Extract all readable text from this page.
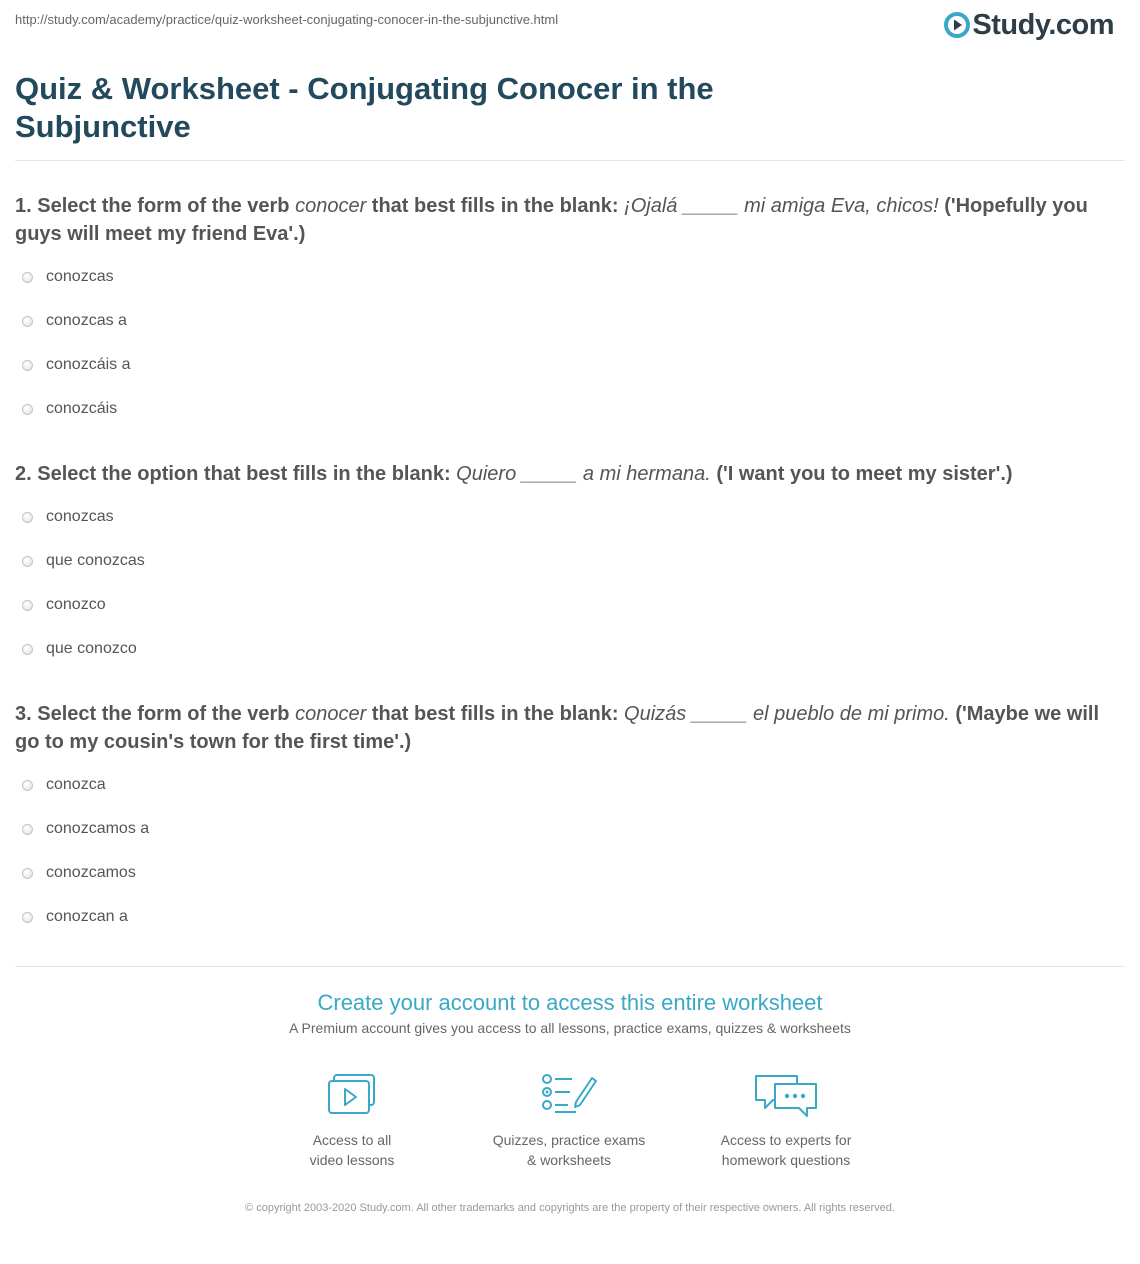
http://study.com/academy/practice/quiz-worksheet-conjugating-conocer-in-the-subjunctive.html	Study.com
Quiz & Worksheet - Conjugating Conocer in the Subjunctive

1. Select the form of the verb conocer that best fills in the blank: ¡Ojalá _____ mi amiga Eva, chicos! ('Hopefully you guys will meet my friend Eva'.)

conozcas
conozcas a
conozcáis a
conozcáis

2. Select the option that best fills in the blank: Quiero _____ a mi hermana. ('I want you to meet my sister'.)

conozcas
que conozcas
conozco
que conozco

3. Select the form of the verb conocer that best fills in the blank: Quizás _____ el pueblo de mi primo. ('Maybe we will go to my cousin's town for the first time'.)

conozca
conozcamos a
conozcamos
conozcan a
Create your account to access this entire worksheet
A Premium account gives you access to all lessons, practice exams, quizzes & worksheets
Access to all
video lessons
Quizzes, practice exams
& worksheets
Access to experts for
homework questions
© copyright 2003-2020 Study.com. All other trademarks and copyrights are the property of their respective owners. All rights reserved.
